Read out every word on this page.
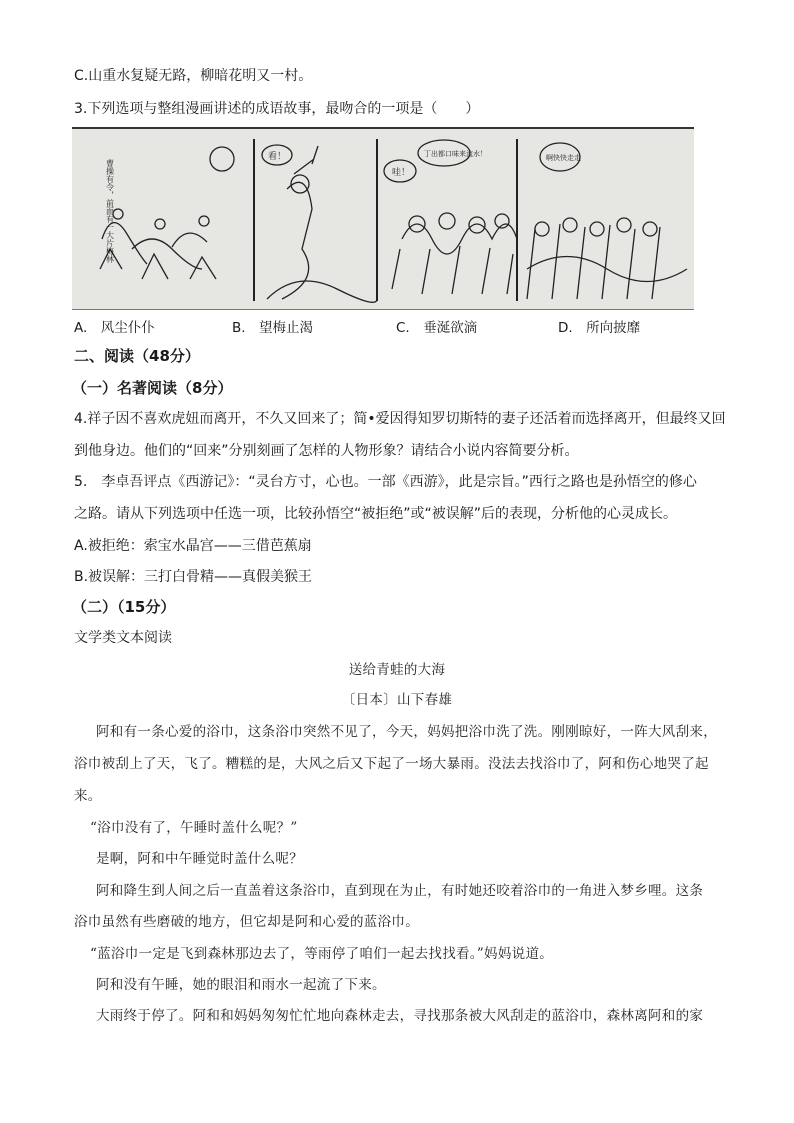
C.山重水复疑无路，柳暗花明又一村。
3.下列选项与整组漫画讲述的成语故事，最吻合的一项是（　　）
曹操有令，前面有一大片梅林
看！
哇！
丁出都口味来流水！	啊快快走走
A.　风尘仆仆	B.　望梅止渴	C.　垂涎欲滴	D.　所向披靡
二、阅读（48分）
（一）名著阅读（8分）
4.祥子因不喜欢虎妞而离开，不久又回来了；简•爱因得知罗切斯特的妻子还活着而选择离开，但最终又回
到他身边。他们的“回来”分别刻画了怎样的人物形象？请结合小说内容简要分析。
5.　李卓吾评点《西游记》：“灵台方寸，心也。一部《西游》，此是宗旨。”西行之路也是孙悟空的修心
之路。请从下列选项中任选一项，比较孙悟空“被拒绝”或“被误解”后的表现，分析他的心灵成长。
A.被拒绝：索宝水晶宫——三借芭蕉扇
B.被误解：三打白骨精——真假美猴王
（二）（15分）
文学类文本阅读
送给青蛙的大海
〔日本〕山下春雄
阿和有一条心爱的浴巾，这条浴巾突然不见了，今天，妈妈把浴巾洗了洗。刚刚晾好，一阵大风刮来，
浴巾被刮上了天，飞了。糟糕的是，大风之后又下起了一场大暴雨。没法去找浴巾了，阿和伤心地哭了起
来。
“浴巾没有了，午睡时盖什么呢？”
是啊，阿和中午睡觉时盖什么呢？
阿和降生到人间之后一直盖着这条浴巾，直到现在为止，有时她还咬着浴巾的一角进入梦乡哩。这条
浴巾虽然有些磨破的地方，但它却是阿和心爱的蓝浴巾。
“蓝浴巾一定是飞到森林那边去了，等雨停了咱们一起去找找看。”妈妈说道。
阿和没有午睡，她的眼泪和雨水一起流了下来。
大雨终于停了。阿和和妈妈匆匆忙忙地向森林走去，寻找那条被大风刮走的蓝浴巾，森林离阿和的家
